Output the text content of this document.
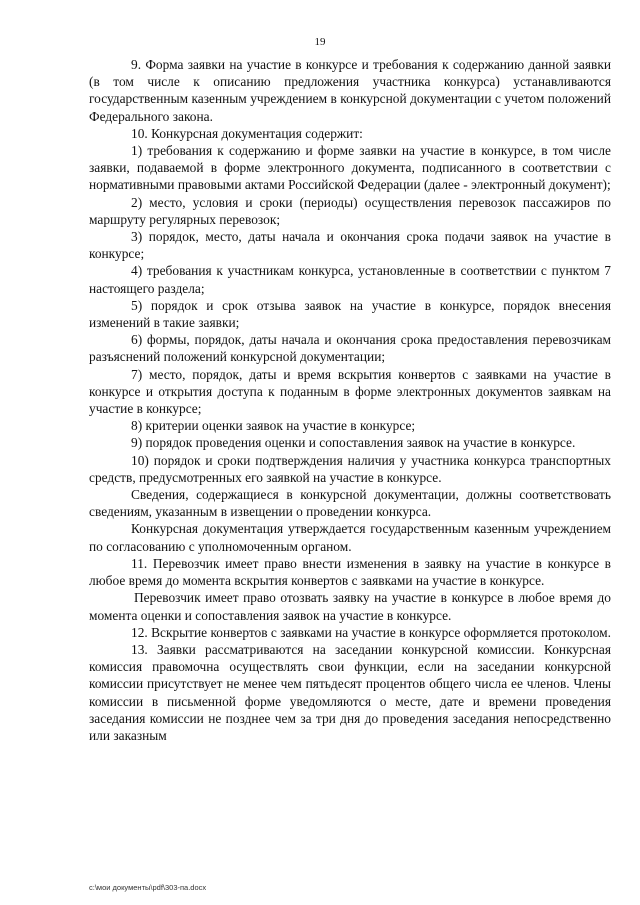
19

9. Форма заявки на участие в конкурсе и требования к содержанию данной заявки (в том числе к описанию предложения участника конкурса) устанавливаются государственным казенным учреждением в конкурсной документации с учетом положений Федерального закона.

10. Конкурсная документация содержит:

1) требования к содержанию и форме заявки на участие в конкурсе, в том числе заявки, подаваемой в форме электронного документа, подписанного в соответствии с нормативными правовыми актами Российской Федерации (далее - электронный документ);

2) место, условия и сроки (периоды) осуществления перевозок пассажиров по маршруту регулярных перевозок;

3) порядок, место, даты начала и окончания срока подачи заявок на участие в конкурсе;

4) требования к участникам конкурса, установленные в соответствии с пунктом 7 настоящего раздела;

5) порядок и срок отзыва заявок на участие в конкурсе, порядок внесения изменений в такие заявки;

6) формы, порядок, даты начала и окончания срока предоставления перевозчикам разъяснений положений конкурсной документации;

7) место, порядок, даты и время вскрытия конвертов с заявками на участие в конкурсе и открытия доступа к поданным в форме электронных документов заявкам на участие в конкурсе;

8) критерии оценки заявок на участие в конкурсе;

9) порядок проведения оценки и сопоставления заявок на участие в конкурсе.

10) порядок и сроки подтверждения наличия у участника конкурса транспортных средств, предусмотренных его заявкой на участие в конкурсе.

Сведения, содержащиеся в конкурсной документации, должны соответствовать сведениям, указанным в извещении о проведении конкурса.

Конкурсная документация утверждается государственным казенным учреждением по согласованию с уполномоченным органом.

11. Перевозчик имеет право внести изменения в заявку на участие в конкурсе в любое время до момента вскрытия конвертов с заявками на участие в конкурсе.

Перевозчик имеет право отозвать заявку на участие в конкурсе в любое время до момента оценки и сопоставления заявок на участие в конкурсе.

12. Вскрытие конвертов с заявками на участие в конкурсе оформляется протоколом.

13. Заявки рассматриваются на заседании конкурсной комиссии. Конкурсная комиссия правомочна осуществлять свои функции, если на заседании конкурсной комиссии присутствует не менее чем пятьдесят процентов общего числа ее членов. Члены комиссии в письменной форме уведомляются о месте, дате и времени проведения заседания комиссии не позднее чем за три дня до проведения заседания непосредственно или заказным

c:\мои документы\pdf\303-па.docx
